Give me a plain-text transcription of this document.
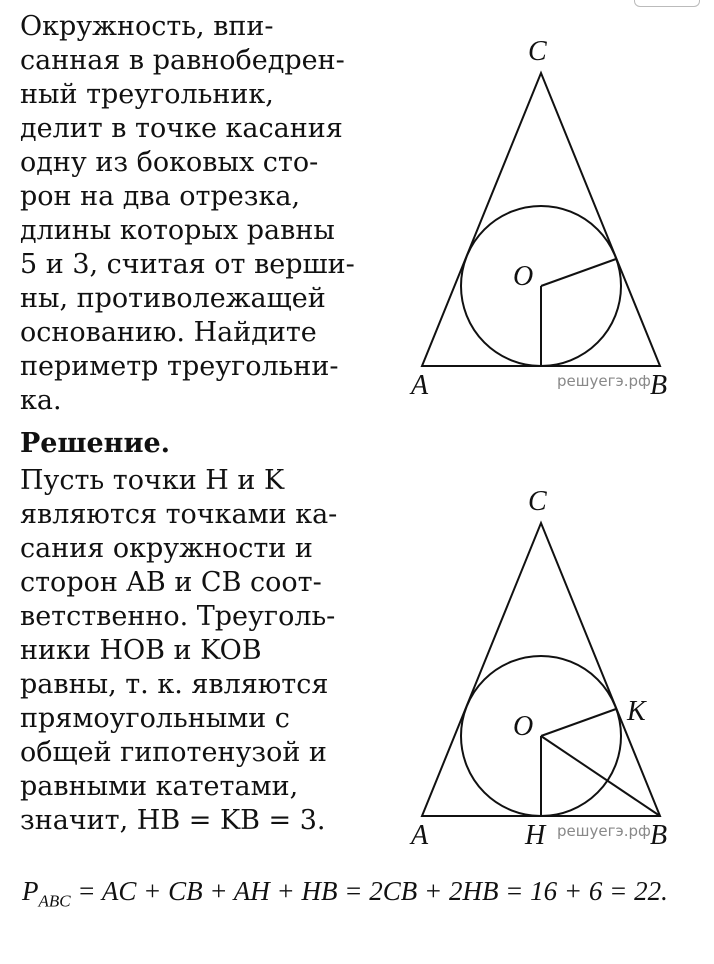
Окружность, впи-
санная в равнобедрен-
ный треугольник,
делит в точке касания
одну из боковых сто-
рон на два отрезка,
длины которых равны
5 и 3, считая от верши-
ны, противолежащей
основанию. Найдите
периметр треугольни-
ка.

C
O
A	B
решуегэ.рф

Решение.

Пусть точки H и K
являются точками ка-
сания окружности и
сторон AB и CB соот-
ветственно. Треуголь-
ники HOB и KOB
равны, т. к. являются
прямоугольными с
общей гипотенузой и
равными катетами,
значит, HB = KB = 3.

C
O	K
A	H	B
решуегэ.рф

$P_{ABC}$ = AC + CB + AH + HB = 2CB + 2HB = 16 + 6 = 22.
